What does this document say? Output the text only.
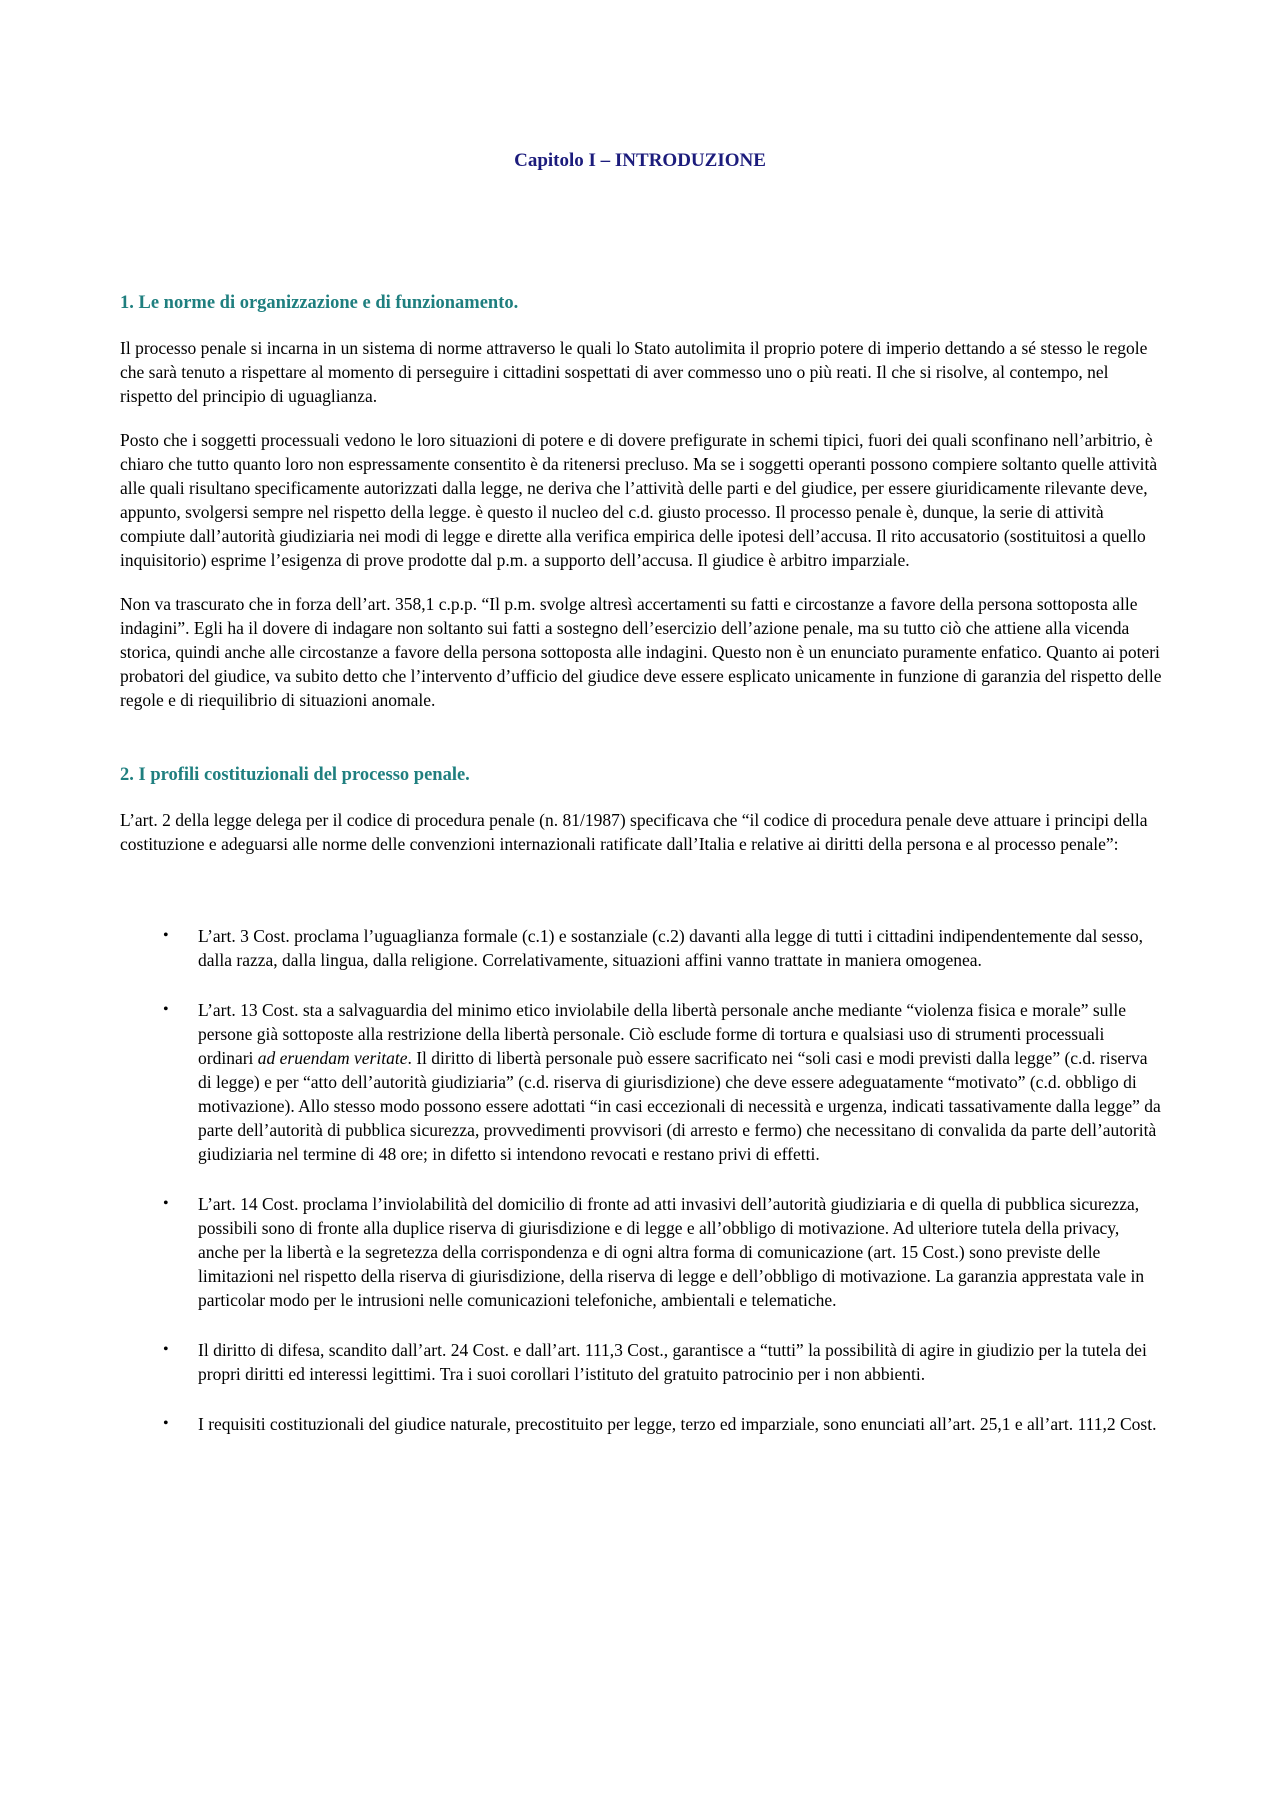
Capitolo I – INTRODUZIONE
1. Le norme di organizzazione e di funzionamento.

Il processo penale si incarna in un sistema di norme attraverso le quali lo Stato autolimita il proprio potere di imperio dettando a sé stesso le regole che sarà tenuto a rispettare al momento di perseguire i cittadini sospettati di aver commesso uno o più reati. Il che si risolve, al contempo, nel rispetto del principio di uguaglianza.

Posto che i soggetti processuali vedono le loro situazioni di potere e di dovere prefigurate in schemi tipici, fuori dei quali sconfinano nell’arbitrio, è chiaro che tutto quanto loro non espressamente consentito è da ritenersi precluso. Ma se i soggetti operanti possono compiere soltanto quelle attività alle quali risultano specificamente autorizzati dalla legge, ne deriva che l’attività delle parti e del giudice, per essere giuridicamente rilevante deve, appunto, svolgersi sempre nel rispetto della legge. è questo il nucleo del c.d. giusto processo. Il processo penale è, dunque, la serie di attività compiute dall’autorità giudiziaria nei modi di legge e dirette alla verifica empirica delle ipotesi dell’accusa. Il rito accusatorio (sostituitosi a quello inquisitorio) esprime l’esigenza di prove prodotte dal p.m. a supporto dell’accusa. Il giudice è arbitro imparziale.

Non va trascurato che in forza dell’art. 358,1 c.p.p. “Il p.m. svolge altresì accertamenti su fatti e circostanze a favore della persona sottoposta alle indagini”. Egli ha il dovere di indagare non soltanto sui fatti a sostegno dell’esercizio dell’azione penale, ma su tutto ciò che attiene alla vicenda storica, quindi anche alle circostanze a favore della persona sottoposta alle indagini. Questo non è un enunciato puramente enfatico. Quanto ai poteri probatori del giudice, va subito detto che l’intervento d’ufficio del giudice deve essere esplicato unicamente in funzione di garanzia del rispetto delle regole e di riequilibrio di situazioni anomale.

2. I profili costituzionali del processo penale.

L’art. 2 della legge delega per il codice di procedura penale (n. 81/1987) specificava che “il codice di procedura penale deve attuare i principi della costituzione e adeguarsi alle norme delle convenzioni internazionali ratificate dall’Italia e relative ai diritti della persona e al processo penale”:

• L’art. 3 Cost. proclama l’uguaglianza formale (c.1) e sostanziale (c.2) davanti alla legge di tutti i cittadini indipendentemente dal sesso, dalla razza, dalla lingua, dalla religione. Correlativamente, situazioni affini vanno trattate in maniera omogenea.
• L’art. 13 Cost. sta a salvaguardia del minimo etico inviolabile della libertà personale anche mediante “violenza fisica e morale” sulle persone già sottoposte alla restrizione della libertà personale. Ciò esclude forme di tortura e qualsiasi uso di strumenti processuali ordinari ad eruendam veritate. Il diritto di libertà personale può essere sacrificato nei “soli casi e modi previsti dalla legge” (c.d. riserva di legge) e per “atto dell’autorità giudiziaria” (c.d. riserva di giurisdizione) che deve essere adeguatamente “motivato” (c.d. obbligo di motivazione). Allo stesso modo possono essere adottati “in casi eccezionali di necessità e urgenza, indicati tassativamente dalla legge” da parte dell’autorità di pubblica sicurezza, provvedimenti provvisori (di arresto e fermo) che necessitano di convalida da parte dell’autorità giudiziaria nel termine di 48 ore; in difetto si intendono revocati e restano privi di effetti.
• L’art. 14 Cost. proclama l’inviolabilità del domicilio di fronte ad atti invasivi dell’autorità giudiziaria e di quella di pubblica sicurezza, possibili sono di fronte alla duplice riserva di giurisdizione e di legge e all’obbligo di motivazione. Ad ulteriore tutela della privacy, anche per la libertà e la segretezza della corrispondenza e di ogni altra forma di comunicazione (art. 15 Cost.) sono previste delle limitazioni nel rispetto della riserva di giurisdizione, della riserva di legge e dell’obbligo di motivazione. La garanzia apprestata vale in particolar modo per le intrusioni nelle comunicazioni telefoniche, ambientali e telematiche.
• Il diritto di difesa, scandito dall’art. 24 Cost. e dall’art. 111,3 Cost., garantisce a “tutti” la possibilità di agire in giudizio per la tutela dei propri diritti ed interessi legittimi. Tra i suoi corollari l’istituto del gratuito patrocinio per i non abbienti.
• I requisiti costituzionali del giudice naturale, precostituito per legge, terzo ed imparziale, sono enunciati all’art. 25,1 e all’art. 111,2 Cost.
